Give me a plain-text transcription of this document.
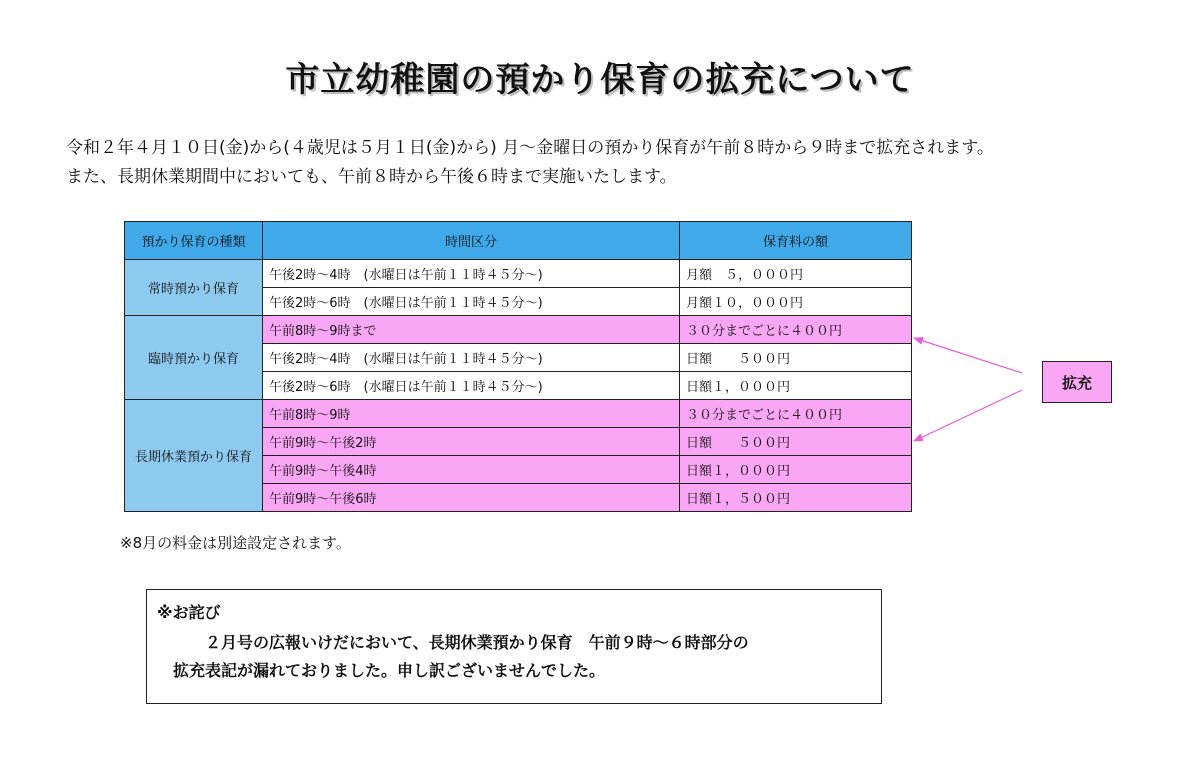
市立幼稚園の預かり保育の拡充について
令和２年４月１０日(金)から(４歳児は５月１日(金)から) 月～金曜日の預かり保育が午前８時から９時まで拡充されます。
また、長期休業期間中においても、午前８時から午後６時まで実施いたします。
預かり保育の種類	時間区分	保育料の額
常時預かり保育	午後2時～4時　(水曜日は午前１１時４５分～)	月額　５，０００円
	午後2時～6時　(水曜日は午前１１時４５分～)	月額１０，０００円
臨時預かり保育	午前8時～9時まで	３０分までごとに４００円
	午後2時～4時　(水曜日は午前１１時４５分～)	日額　　５００円
	午後2時～6時　(水曜日は午前１１時４５分～)	日額１，０００円
長期休業預かり保育	午前8時～9時	３０分までごとに４００円
	午前9時～午後2時	日額　　５００円
	午前9時～午後4時	日額１，０００円
	午前9時～午後6時	日額１，５００円
※8月の料金は別途設定されます。
拡充
※お詫び
２月号の広報いけだにおいて、長期休業預かり保育　午前９時～６時部分の
拡充表記が漏れておりました。申し訳ございませんでした。
